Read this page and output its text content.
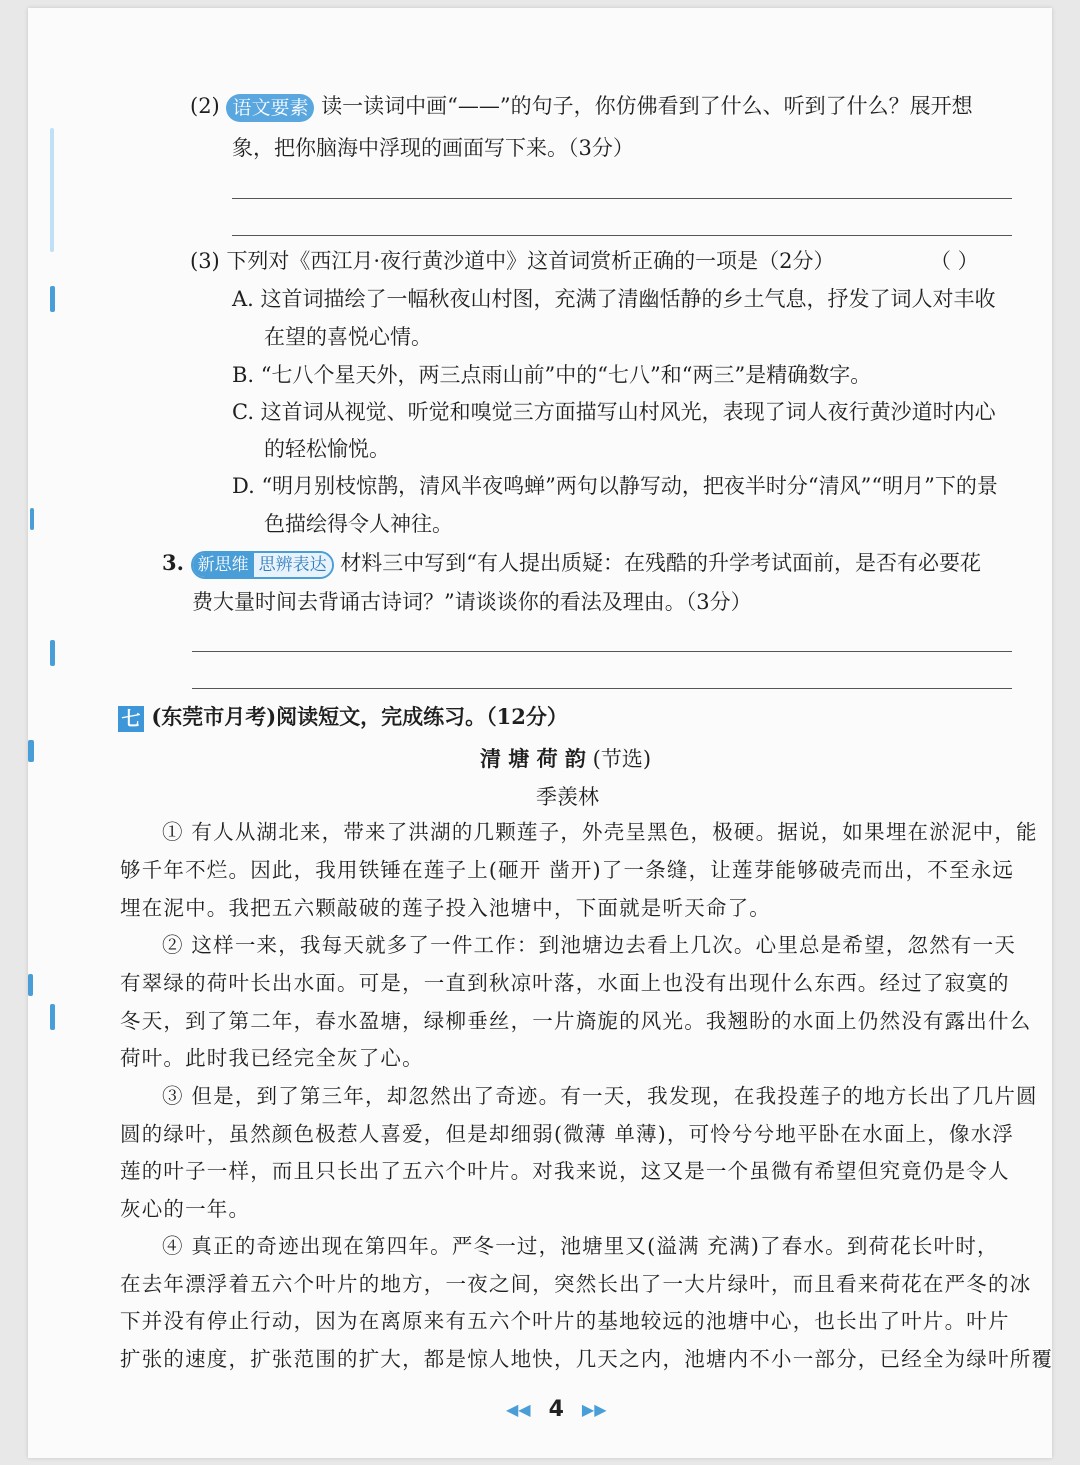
(2) 语文要素 读一读词中画“——”的句子，你仿佛看到了什么、听到了什么？展开想
象，把你脑海中浮现的画面写下来。（3分）
(3) 下列对《西江月·夜行黄沙道中》这首词赏析正确的一项是（2分）	（ ）
A. 这首词描绘了一幅秋夜山村图，充满了清幽恬静的乡土气息，抒发了词人对丰收
在望的喜悦心情。
B. “七八个星天外，两三点雨山前”中的“七八”和“两三”是精确数字。
C. 这首词从视觉、听觉和嗅觉三方面描写山村风光，表现了词人夜行黄沙道时内心
的轻松愉悦。
D. “明月别枝惊鹊，清风半夜鸣蝉”两句以静写动，把夜半时分“清风”“明月”下的景
色描绘得令人神往。
3. 新思维 思辨表达 材料三中写到“有人提出质疑：在残酷的升学考试面前，是否有必要花
费大量时间去背诵古诗词？”请谈谈你的看法及理由。（3分）
七 (东莞市月考)阅读短文，完成练习。（12分）
清 塘 荷 韵 (节选)
季羡林
① 有人从湖北来，带来了洪湖的几颗莲子，外壳呈黑色，极硬。据说，如果埋在淤泥中，能
够千年不烂。因此，我用铁锤在莲子上(砸开 凿开)了一条缝，让莲芽能够破壳而出，不至永远
埋在泥中。我把五六颗敲破的莲子投入池塘中，下面就是听天命了。
② 这样一来，我每天就多了一件工作：到池塘边去看上几次。心里总是希望，忽然有一天
有翠绿的荷叶长出水面。可是，一直到秋凉叶落，水面上也没有出现什么东西。经过了寂寞的
冬天，到了第二年，春水盈塘，绿柳垂丝，一片旖旎的风光。我翘盼的水面上仍然没有露出什么
荷叶。此时我已经完全灰了心。
③ 但是，到了第三年，却忽然出了奇迹。有一天，我发现，在我投莲子的地方长出了几片圆
圆的绿叶，虽然颜色极惹人喜爱，但是却细弱(微薄 单薄)，可怜兮兮地平卧在水面上，像水浮
莲的叶子一样，而且只长出了五六个叶片。对我来说，这又是一个虽微有希望但究竟仍是令人
灰心的一年。
④ 真正的奇迹出现在第四年。严冬一过，池塘里又(溢满 充满)了春水。到荷花长叶时，
在去年漂浮着五六个叶片的地方，一夜之间，突然长出了一大片绿叶，而且看来荷花在严冬的冰
下并没有停止行动，因为在离原来有五六个叶片的基地较远的池塘中心，也长出了叶片。叶片
扩张的速度，扩张范围的扩大，都是惊人地快，几天之内，池塘内不小一部分，已经全为绿叶所覆
◀◀ 4 ▶▶
